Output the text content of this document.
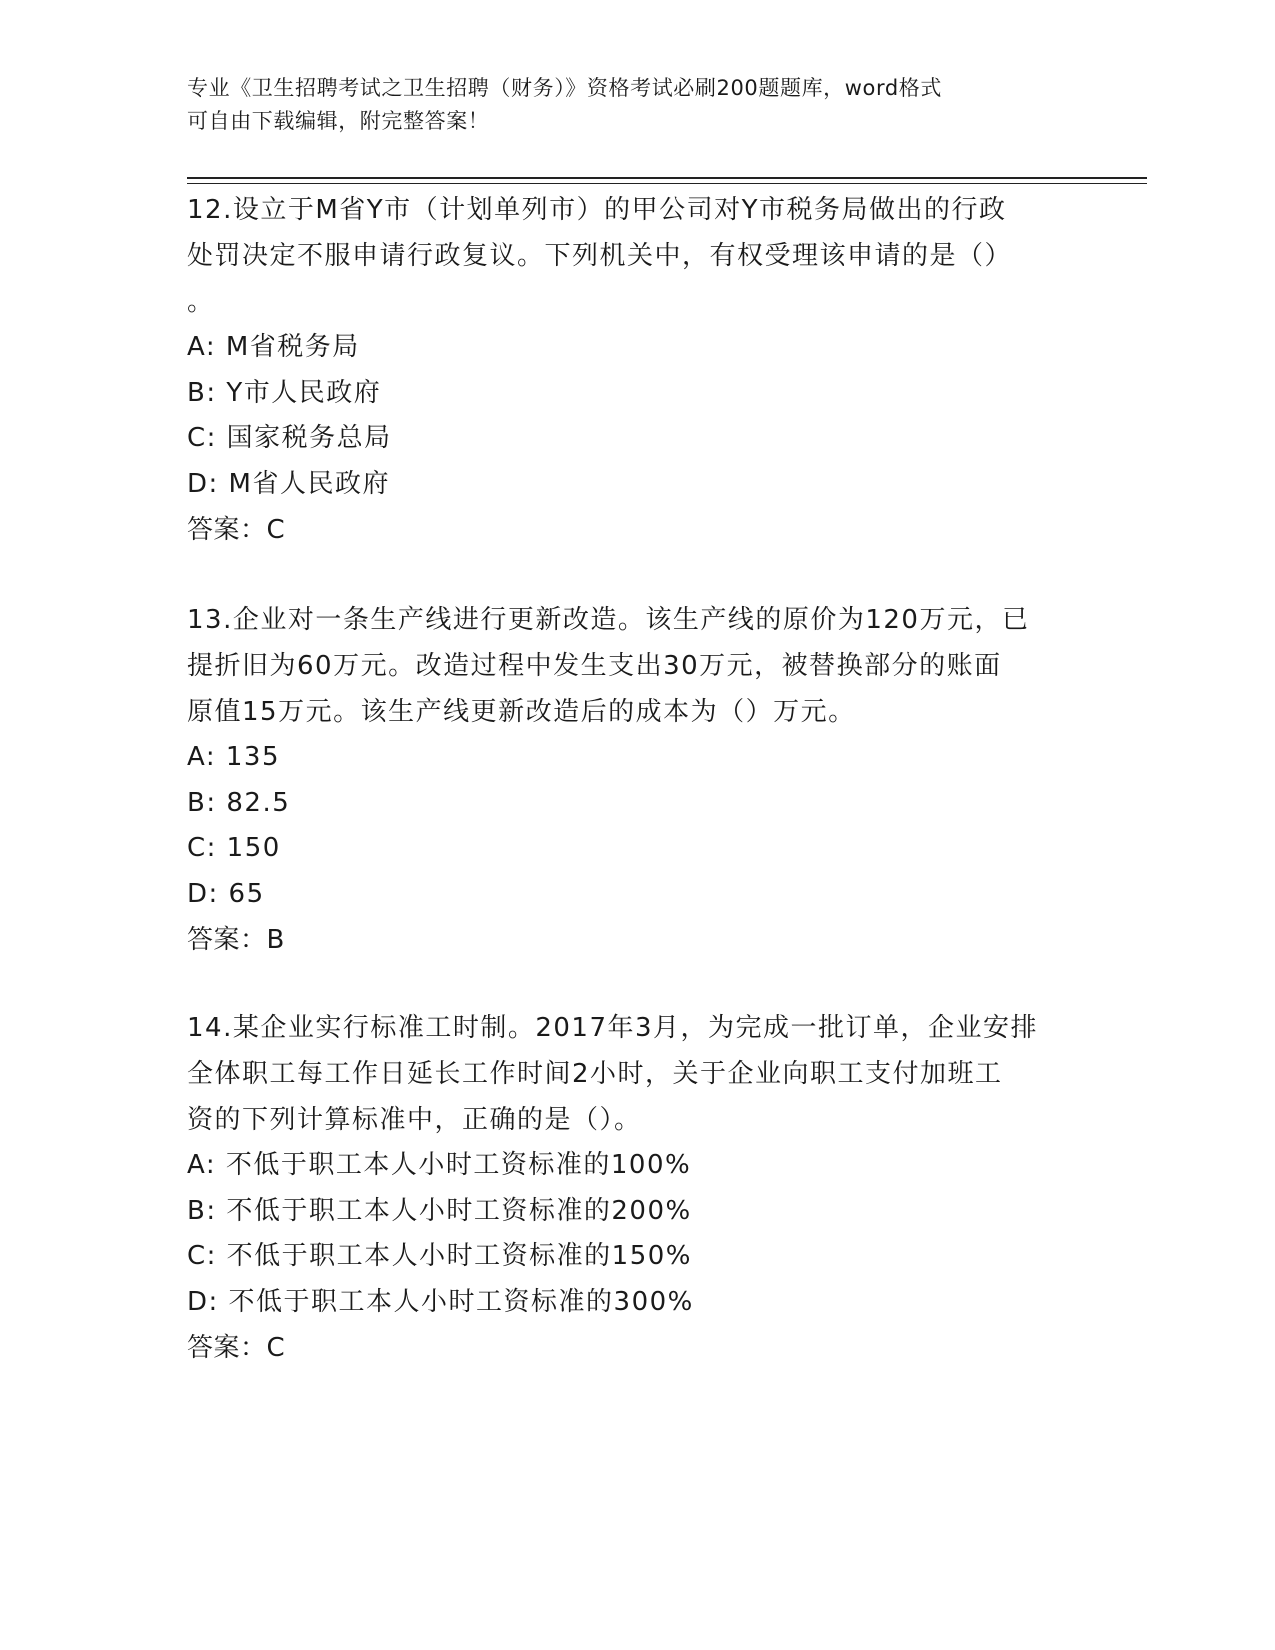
专业《卫生招聘考试之卫生招聘（财务）》资格考试必刷200题题库，word格式
可自由下载编辑，附完整答案！
12.设立于M省Y市（计划单列市）的甲公司对Y市税务局做出的行政
处罚决定不服申请行政复议。下列机关中，有权受理该申请的是（）
。
A: M省税务局
B: Y市人民政府
C: 国家税务总局
D: M省人民政府
答案：C
13.企业对一条生产线进行更新改造。该生产线的原价为120万元，已
提折旧为60万元。改造过程中发生支出30万元，被替换部分的账面
原值15万元。该生产线更新改造后的成本为（）万元。
A: 135
B: 82.5
C: 150
D: 65
答案：B
14.某企业实行标准工时制。2017年3月，为完成一批订单，企业安排
全体职工每工作日延长工作时间2小时，关于企业向职工支付加班工
资的下列计算标准中，正确的是（）。
A: 不低于职工本人小时工资标准的100%
B: 不低于职工本人小时工资标准的200%
C: 不低于职工本人小时工资标准的150%
D: 不低于职工本人小时工资标准的300%
答案：C
